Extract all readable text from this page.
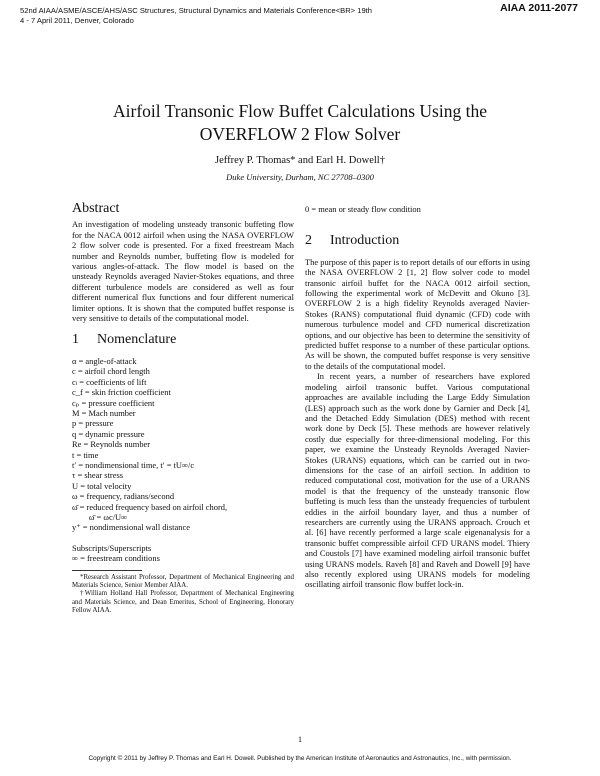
52nd AIAA/ASME/ASCE/AHS/ASC Structures, Structural Dynamics and Materials Conference<BR> 19th
4 - 7 April 2011, Denver, Colorado
AIAA 2011-2077
Airfoil Transonic Flow Buffet Calculations Using the
OVERFLOW 2 Flow Solver
Jeffrey P. Thomas* and Earl H. Dowell†
Duke University, Durham, NC 27708–0300
Abstract

An investigation of modeling unsteady transonic buffeting flow for the NACA 0012 airfoil when using the NASA OVERFLOW 2 flow solver code is presented. For a fixed freestream Mach number and Reynolds number, buffeting flow is modeled for various angles-of-attack. The flow model is based on the unsteady Reynolds averaged Navier-Stokes equations, and three different turbulence models are considered as well as four different numerical flux functions and four different numerical limiter options. It is shown that the computed buffet response is very sensitive to details of the computational model.

1 Nomenclature
α = angle-of-attack
c = airfoil chord length
cₗ = coefficients of lift
c_f = skin friction coefficient
cₚ = pressure coefficient
M = Mach number
p = pressure
q = dynamic pressure
Re = Reynolds number
t = time
t′ = nondimensional time, t′ = tU∞/c
τ = shear stress
U = total velocity
ω = frequency, radians/second
ω̄ = reduced frequency based on airfoil chord,
ω̄ = ωc/U∞
y⁺ = nondimensional wall distance
Subscripts/Superscripts
∞ = freestream conditions

*Research Assistant Professor, Department of Mechanical Engineering and Materials Science, Senior Member AIAA.

†William Holland Hall Professor, Department of Mechanical Engineering and Materials Science, and Dean Emeritus, School of Engineering, Honorary Fellow AIAA.

0 = mean or steady flow condition
2 Introduction

The purpose of this paper is to report details of our efforts in using the NASA OVERFLOW 2 [1, 2] flow solver code to model transonic airfoil buffet for the NACA 0012 airfoil section, following the experimental work of McDevitt and Okuno [3]. OVERFLOW 2 is a high fidelity Reynolds averaged Navier-Stokes (RANS) computational fluid dynamic (CFD) code with numerous turbulence model and CFD numerical discretization options, and our objective has been to determine the sensitivity of predicted buffet response to a number of these particular options. As will be shown, the computed buffet response is very sensitive to the details of the computational model.

In recent years, a number of researchers have explored modeling airfoil transonic buffet. Various computational approaches are available including the Large Eddy Simulation (LES) approach such as the work done by Garnier and Deck [4], and the Detached Eddy Simulation (DES) method with recent work done by Deck [5]. These methods are however relatively costly due especially for three-dimensional modeling. For this paper, we examine the Unsteady Reynolds Averaged Navier-Stokes (URANS) equations, which can be carried out in two-dimensions for the case of an airfoil section. In addition to reduced computational cost, motivation for the use of a URANS model is that the frequency of the unsteady transonic flow buffeting is much less than the unsteady frequencies of turbulent eddies in the airfoil boundary layer, and thus a number of researchers are currently using the URANS approach. Crouch et al. [6] have recently performed a large scale eigenanalysis for a transonic buffet compressible airfoil CFD URANS model. Thiery and Coustols [7] have examined modeling airfoil transonic buffet using URANS models. Raveh [8] and Raveh and Dowell [9] have also recently explored using URANS models for modeling oscillating airfoil transonic flow buffet lock-in.

1
Copyright © 2011 by Jeffrey P. Thomas and Earl H. Dowell. Published by the American Institute of Aeronautics and Astronautics, Inc., with permission.
